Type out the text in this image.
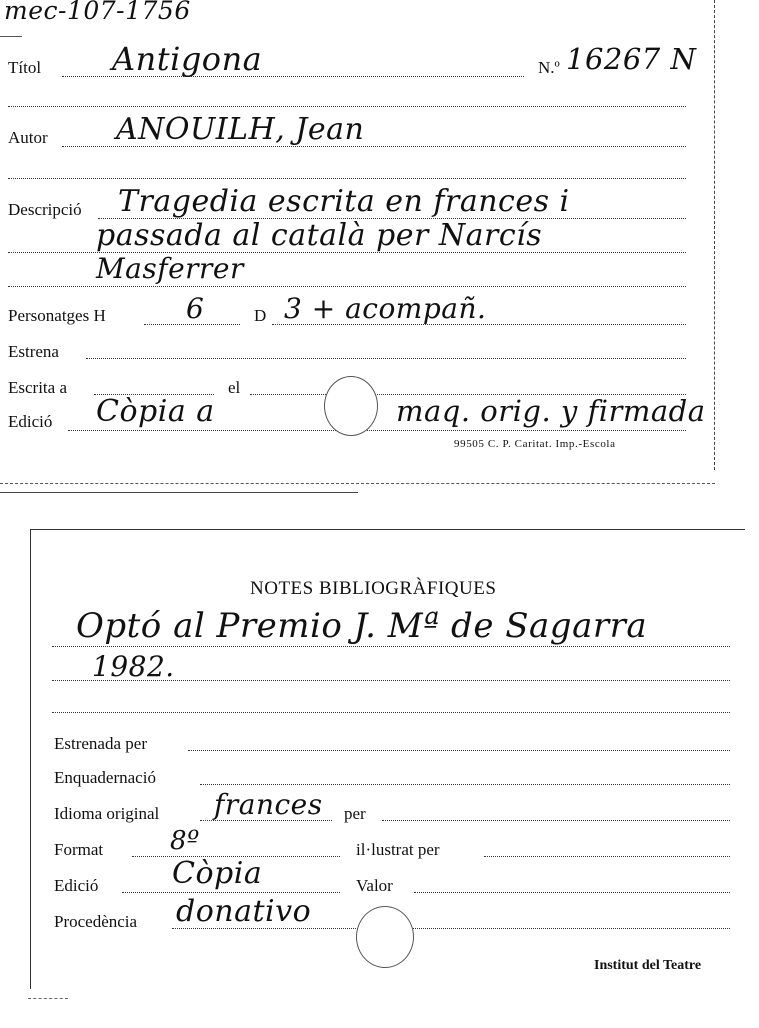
mec-107-1756
Títol Antigona	N.º 16267 N
Autor ANOUILH, Jean
Descripció Tragedia escrita en frances i
passada al català per Narcís
Masferrer
Personatges H	6	D 3 + acompañ.
Estrena
Escrita a	el
Edició Còpia a	maq. orig. y firmada
99505 C. P. Caritat. Imp.-Escola
NOTES BIBLIOGRÀFIQUES
Optó al Premio J. Mª de Sagarra
1982.
Estrenada per
Enquadernació
Idioma original frances per
Format	8º	il·lustrat per
Edició Còpia	Valor
Procedència donativo
Institut del Teatre
